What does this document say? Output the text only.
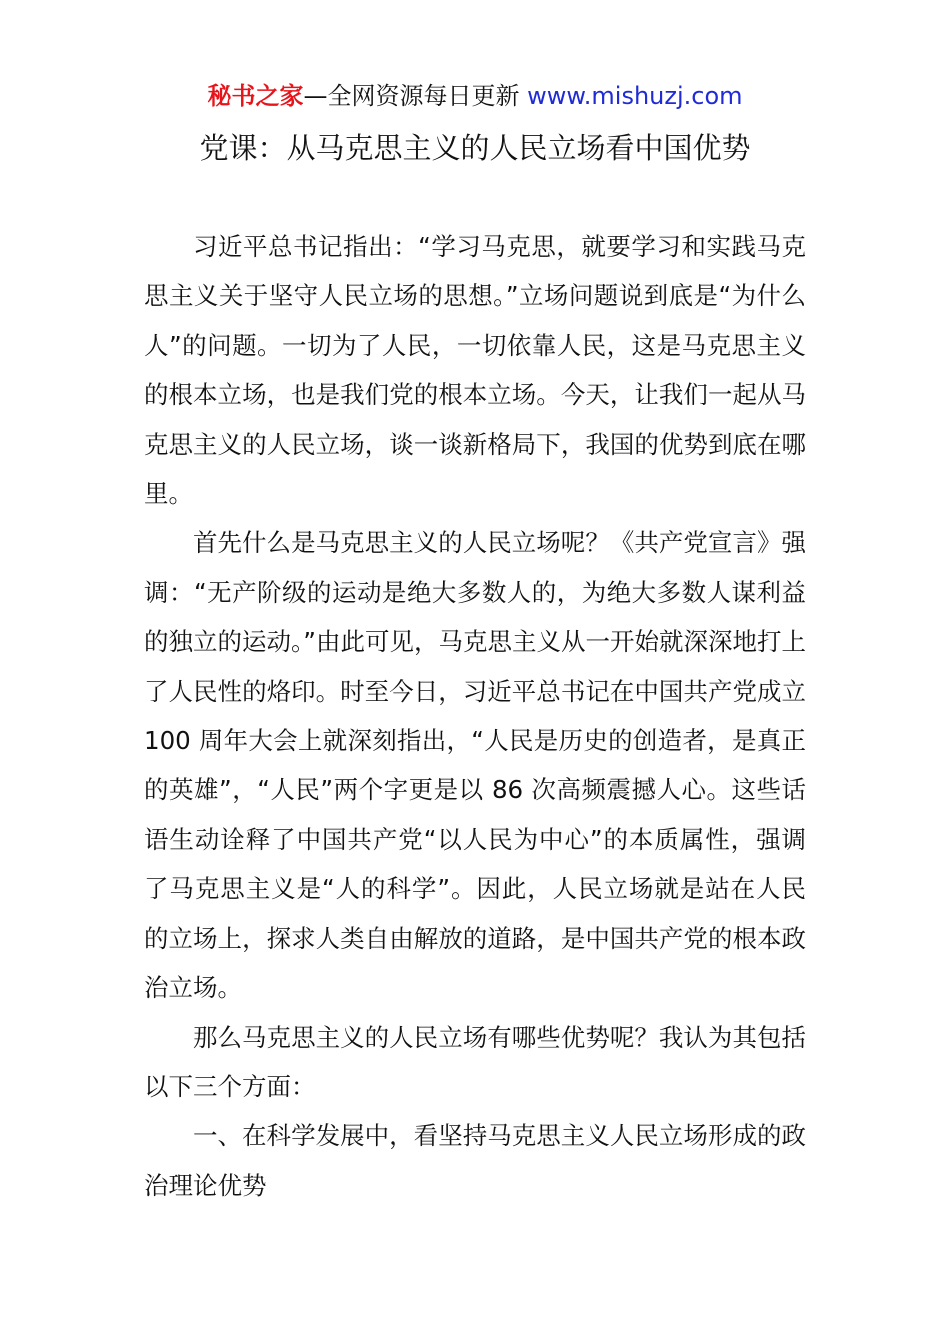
秘书之家—全网资源每日更新 www.mishuzj.com
党课：从马克思主义的人民立场看中国优势

习近平总书记指出：“学习马克思，就要学习和实践马克思主义关于坚守人民立场的思想。”立场问题说到底是“为什么人”的问题。一切为了人民，一切依靠人民，这是马克思主义的根本立场，也是我们党的根本立场。今天，让我们一起从马克思主义的人民立场，谈一谈新格局下，我国的优势到底在哪里。

首先什么是马克思主义的人民立场呢？《共产党宣言》强调：“无产阶级的运动是绝大多数人的，为绝大多数人谋利益的独立的运动。”由此可见，马克思主义从一开始就深深地打上了人民性的烙印。时至今日，习近平总书记在中国共产党成立 100 周年大会上就深刻指出，“人民是历史的创造者，是真正的英雄”，“人民”两个字更是以 86 次高频震撼人心。这些话语生动诠释了中国共产党“以人民为中心”的本质属性，强调了马克思主义是“人的科学”。因此，人民立场就是站在人民的立场上，探求人类自由解放的道路，是中国共产党的根本政治立场。

那么马克思主义的人民立场有哪些优势呢？我认为其包括以下三个方面：

一、在科学发展中，看坚持马克思主义人民立场形成的政治理论优势
